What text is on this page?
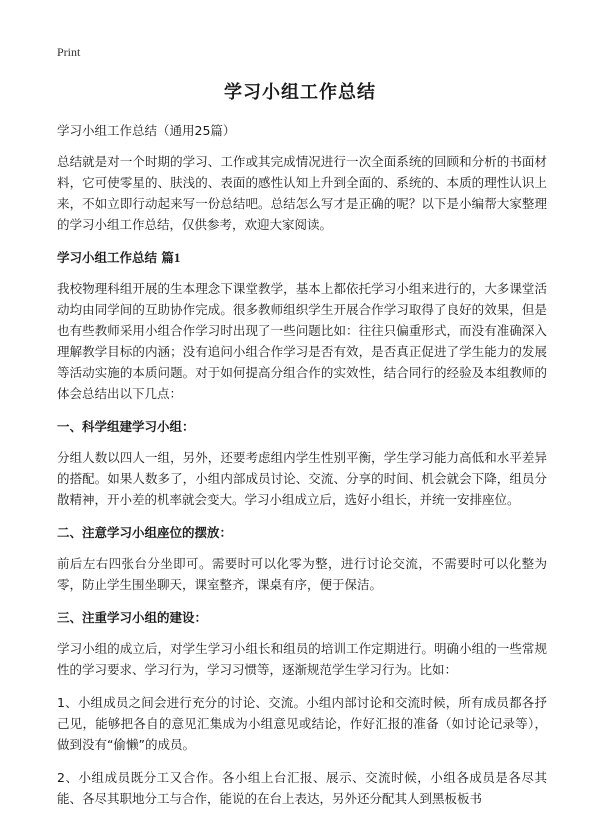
Print
学习小组工作总结

学习小组工作总结（通用25篇）

总结就是对一个时期的学习、工作或其完成情况进行一次全面系统的回顾和分析的书面材料，它可使零星的、肤浅的、表面的感性认知上升到全面的、系统的、本质的理性认识上来，不如立即行动起来写一份总结吧。总结怎么写才是正确的呢？以下是小编帮大家整理的学习小组工作总结，仅供参考，欢迎大家阅读。

学习小组工作总结 篇1

我校物理科组开展的生本理念下课堂教学，基本上都依托学习小组来进行的，大多课堂活动均由同学间的互助协作完成。很多教师组织学生开展合作学习取得了良好的效果，但是也有些教师采用小组合作学习时出现了一些问题比如：往往只偏重形式，而没有准确深入理解教学目标的内涵；没有追问小组合作学习是否有效，是否真正促进了学生能力的发展等活动实施的本质问题。对于如何提高分组合作的实效性，结合同行的经验及本组教师的体会总结出以下几点：

一、科学组建学习小组：

分组人数以四人一组，另外，还要考虑组内学生性别平衡，学生学习能力高低和水平差异的搭配。如果人数多了，小组内部成员讨论、交流、分享的时间、机会就会下降，组员分散精神，开小差的机率就会变大。学习小组成立后，选好小组长，并统一安排座位。

二、注意学习小组座位的摆放：

前后左右四张台分坐即可。需要时可以化零为整，进行讨论交流，不需要时可以化整为零，防止学生围坐聊天，课室整齐，课桌有序，便于保洁。

三、注重学习小组的建设：

学习小组的成立后，对学生学习小组长和组员的培训工作定期进行。明确小组的一些常规性的学习要求、学习行为，学习习惯等，逐渐规范学生学习行为。比如：

1、小组成员之间会进行充分的讨论、交流。小组内部讨论和交流时候，所有成员都各抒己见，能够把各自的意见汇集成为小组意见或结论，作好汇报的准备（如讨论记录等），做到没有“偷懒”的成员。

2、小组成员既分工又合作。各小组上台汇报、展示、交流时候，小组各成员是各尽其能、各尽其职地分工与合作，能说的在台上表达，另外还分配其人到黑板板书
